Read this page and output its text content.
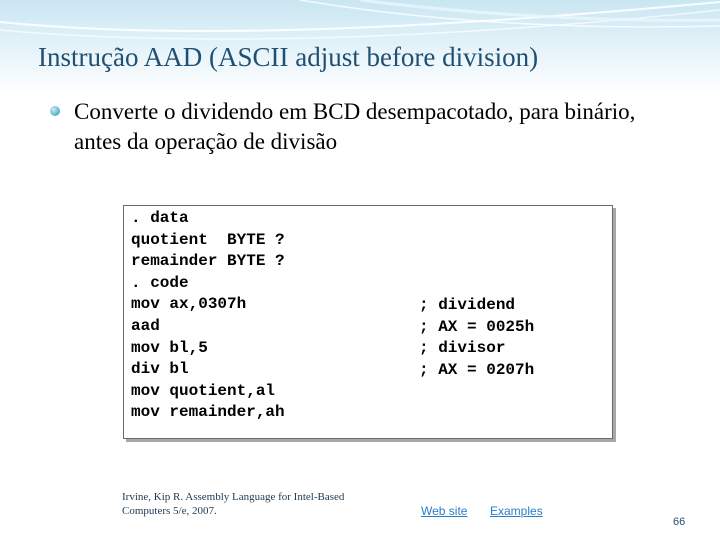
Instrução AAD (ASCII adjust before division)
Converte o dividendo em BCD desempacotado, para binário, antes da operação de divisão
. data
quotient  BYTE ?
remainder BYTE ?
. code
mov ax,0307h
aad
mov bl,5
div bl
mov quotient,al
mov remainder,ah
; dividend
; AX = 0025h
; divisor
; AX = 0207h
Irvine, Kip R. Assembly Language for Intel-Based Computers 5/e, 2007.	Web site Examples
66
